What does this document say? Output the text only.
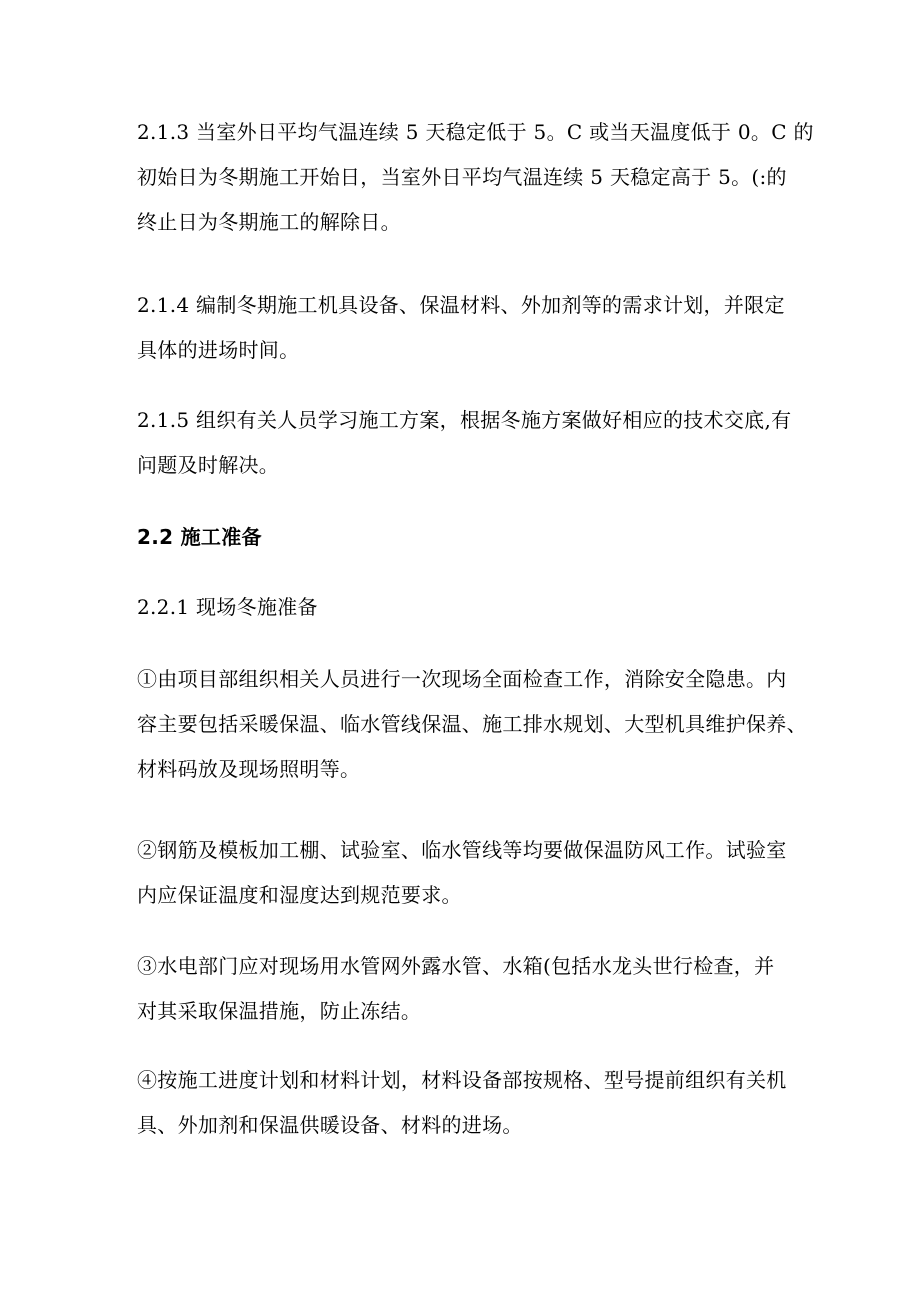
2.1.3 当室外日平均气温连续 5 天稳定低于 5。C 或当天温度低于 0。C 的
初始日为冬期施工开始日，当室外日平均气温连续 5 天稳定高于 5。(:的
终止日为冬期施工的解除日。

2.1.4 编制冬期施工机具设备、保温材料、外加剂等的需求计划，并限定
具体的进场时间。

2.1.5 组织有关人员学习施工方案，根据冬施方案做好相应的技术交底,有
问题及时解决。

2.2 施工准备

2.2.1 现场冬施准备

①由项目部组织相关人员进行一次现场全面检查工作，消除安全隐患。内
容主要包括采暖保温、临水管线保温、施工排水规划、大型机具维护保养、
材料码放及现场照明等。

②钢筋及模板加工棚、试验室、临水管线等均要做保温防风工作。试验室
内应保证温度和湿度达到规范要求。

③水电部门应对现场用水管网外露水管、水箱(包括水龙头世行检查，并
对其采取保温措施，防止冻结。

④按施工进度计划和材料计划，材料设备部按规格、型号提前组织有关机
具、外加剂和保温供暖设备、材料的进场。
